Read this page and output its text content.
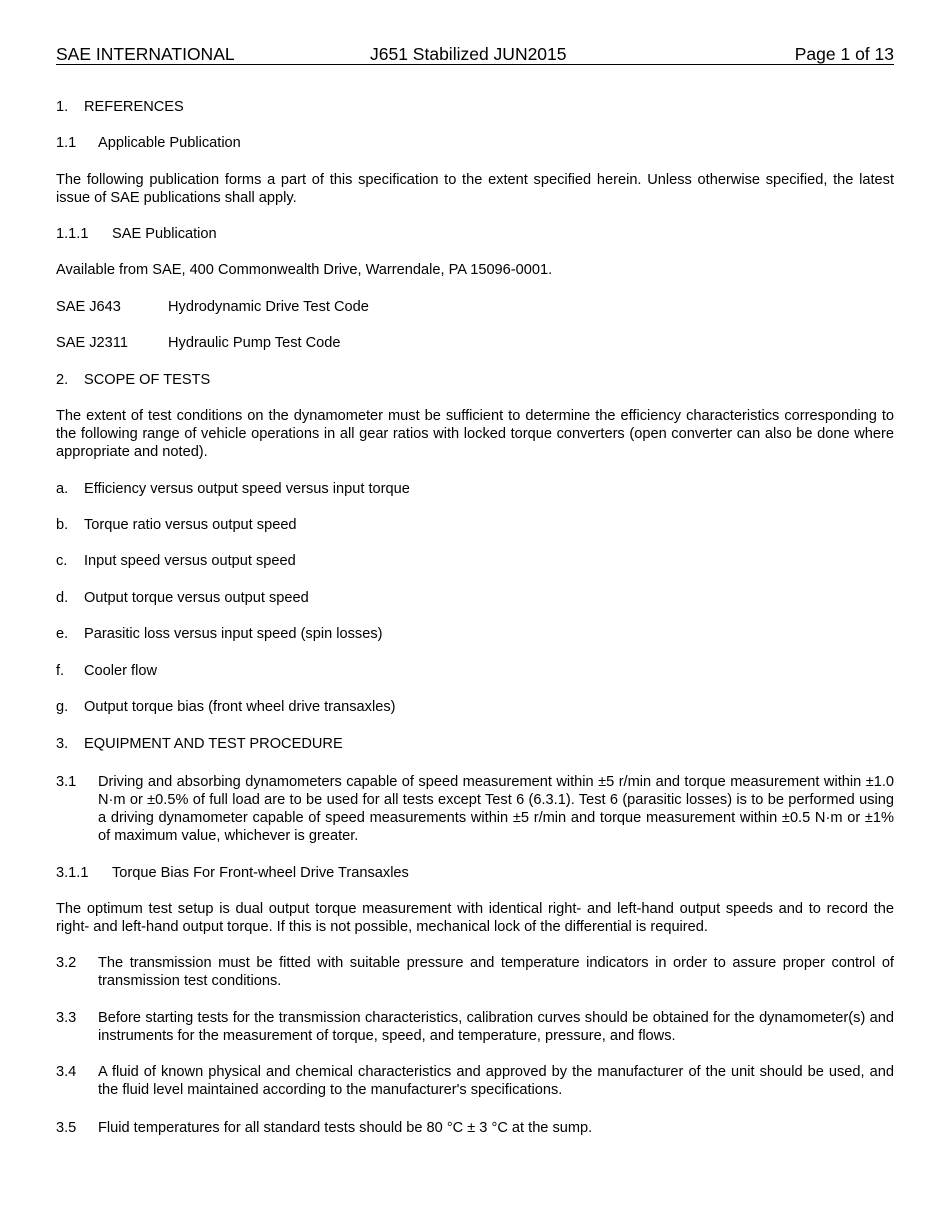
SAE INTERNATIONAL	J651 Stabilized JUN2015	Page 1 of 13
1. REFERENCES
1.1 Applicable Publication

The following publication forms a part of this specification to the extent specified herein. Unless otherwise specified, the latest issue of SAE publications shall apply.

1.1.1 SAE Publication

Available from SAE, 400 Commonwealth Drive, Warrendale, PA 15096-0001.

SAE J643	Hydrodynamic Drive Test Code
SAE J2311	Hydraulic Pump Test Code
2. SCOPE OF TESTS

The extent of test conditions on the dynamometer must be sufficient to determine the efficiency characteristics corresponding to the following range of vehicle operations in all gear ratios with locked torque converters (open converter can also be done where appropriate and noted).

a. Efficiency versus output speed versus input torque
b. Torque ratio versus output speed
c. Input speed versus output speed
d. Output torque versus output speed
e. Parasitic loss versus input speed (spin losses)
f. Cooler flow
g. Output torque bias (front wheel drive transaxles)
3. EQUIPMENT AND TEST PROCEDURE
3.1 Driving and absorbing dynamometers capable of speed measurement within ±5 r/min and torque measurement within ±1.0 N·m or ±0.5% of full load are to be used for all tests except Test 6 (6.3.1). Test 6 (parasitic losses) is to be performed using a driving dynamometer capable of speed measurements within ±5 r/min and torque measurement within ±0.5 N·m or ±1% of maximum value, whichever is greater.
3.1.1 Torque Bias For Front-wheel Drive Transaxles

The optimum test setup is dual output torque measurement with identical right- and left-hand output speeds and to record the right- and left-hand output torque. If this is not possible, mechanical lock of the differential is required.

3.2 The transmission must be fitted with suitable pressure and temperature indicators in order to assure proper control of transmission test conditions.
3.3 Before starting tests for the transmission characteristics, calibration curves should be obtained for the dynamometer(s) and instruments for the measurement of torque, speed, and temperature, pressure, and flows.
3.4 A fluid of known physical and chemical characteristics and approved by the manufacturer of the unit should be used, and the fluid level maintained according to the manufacturer's specifications.
3.5 Fluid temperatures for all standard tests should be 80 °C ± 3 °C at the sump.
